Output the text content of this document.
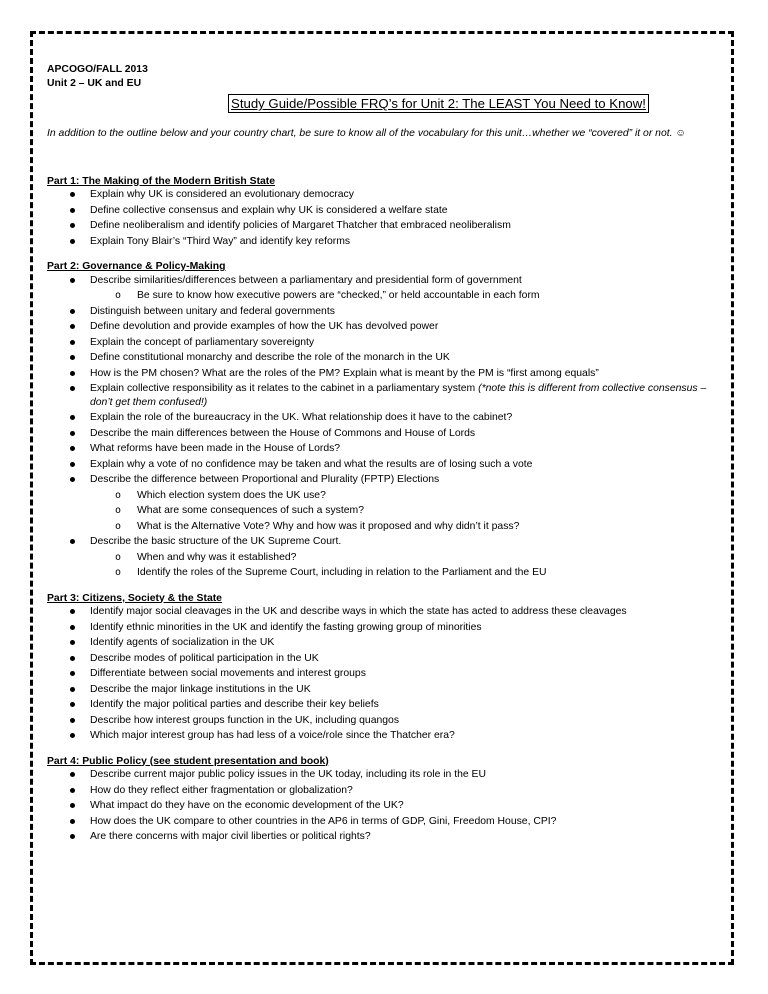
APCOGO/FALL 2013

Unit 2 – UK and EU

Study Guide/Possible FRQ’s for Unit 2: The LEAST You Need to Know!

In addition to the outline below and your country chart, be sure to know all of the vocabulary for this unit…whether we “covered” it or not. ☺

Part 1: The Making of the Modern British State

Explain why UK is considered an evolutionary democracy
Define collective consensus and explain why UK is considered a welfare state
Define neoliberalism and identify policies of Margaret Thatcher that embraced neoliberalism
Explain Tony Blair’s “Third Way” and identify key reforms

Part 2: Governance & Policy-Making

Describe similarities/differences between a parliamentary and presidential form of government
o Be sure to know how executive powers are “checked,” or held accountable in each form
Distinguish between unitary and federal governments
Define devolution and provide examples of how the UK has devolved power
Explain the concept of parliamentary sovereignty
Define constitutional monarchy and describe the role of the monarch in the UK
How is the PM chosen? What are the roles of the PM? Explain what is meant by the PM is “first among equals”
Explain collective responsibility as it relates to the cabinet in a parliamentary system (*note this is different from collective consensus – don’t get them confused!)
Explain the role of the bureaucracy in the UK. What relationship does it have to the cabinet?
Describe the main differences between the House of Commons and House of Lords
What reforms have been made in the House of Lords?
Explain why a vote of no confidence may be taken and what the results are of losing such a vote
Describe the difference between Proportional and Plurality (FPTP) Elections
o Which election system does the UK use?
o What are some consequences of such a system?
o What is the Alternative Vote? Why and how was it proposed and why didn’t it pass?
Describe the basic structure of the UK Supreme Court.
o When and why was it established?
o Identify the roles of the Supreme Court, including in relation to the Parliament and the EU

Part 3: Citizens, Society & the State

Identify major social cleavages in the UK and describe ways in which the state has acted to address these cleavages
Identify ethnic minorities in the UK and identify the fasting growing group of minorities
Identify agents of socialization in the UK
Describe modes of political participation in the UK
Differentiate between social movements and interest groups
Describe the major linkage institutions in the UK
Identify the major political parties and describe their key beliefs
Describe how interest groups function in the UK, including quangos
Which major interest group has had less of a voice/role since the Thatcher era?

Part 4: Public Policy (see student presentation and book)

Describe current major public policy issues in the UK today, including its role in the EU
How do they reflect either fragmentation or globalization?
What impact do they have on the economic development of the UK?
How does the UK compare to other countries in the AP6 in terms of GDP, Gini, Freedom House, CPI?
Are there concerns with major civil liberties or political rights?
